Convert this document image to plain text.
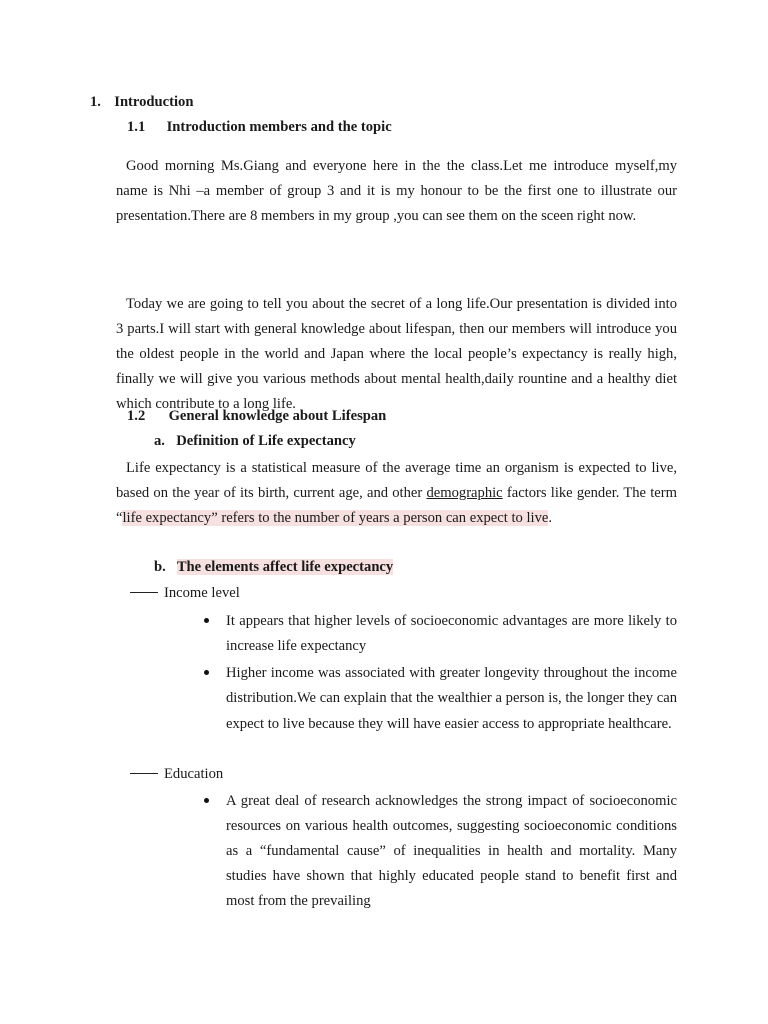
1. Introduction
1.1 Introduction members and the topic
Good morning Ms.Giang and everyone here in the the class.Let me introduce myself,my name is Nhi –a member of group 3 and it is my honour to be the first one to illustrate our presentation.There are 8 members in my group ,you can see them on the sceen right now.
Today we are going to tell you about the secret of a long life.Our presentation is divided into 3 parts.I will start with general knowledge about lifespan, then our members will introduce you the oldest people in the world and Japan where the local people’s expectancy is really high, finally we will give you various methods about mental health,daily rountine and a healthy diet which contribute to a long life.
1.2 General knowledge about Lifespan
a. Definition of Life expectancy
Life expectancy is a statistical measure of the average time an organism is expected to live, based on the year of its birth, current age, and other demographic factors like gender. The term “life expectancy” refers to the number of years a person can expect to live.
b. The elements affect life expectancy
Income level
It appears that higher levels of socioeconomic advantages are more likely to increase life expectancy
Higher income was associated with greater longevity throughout the income distribution.We can explain that the wealthier a person is, the longer they can expect to live because they will have easier access to appropriate healthcare.
Education
A great deal of research acknowledges the strong impact of socioeconomic resources on various health outcomes, suggesting socioeconomic conditions as a “fundamental cause” of inequalities in health and mortality. Many studies have shown that highly educated people stand to benefit first and most from the prevailing
